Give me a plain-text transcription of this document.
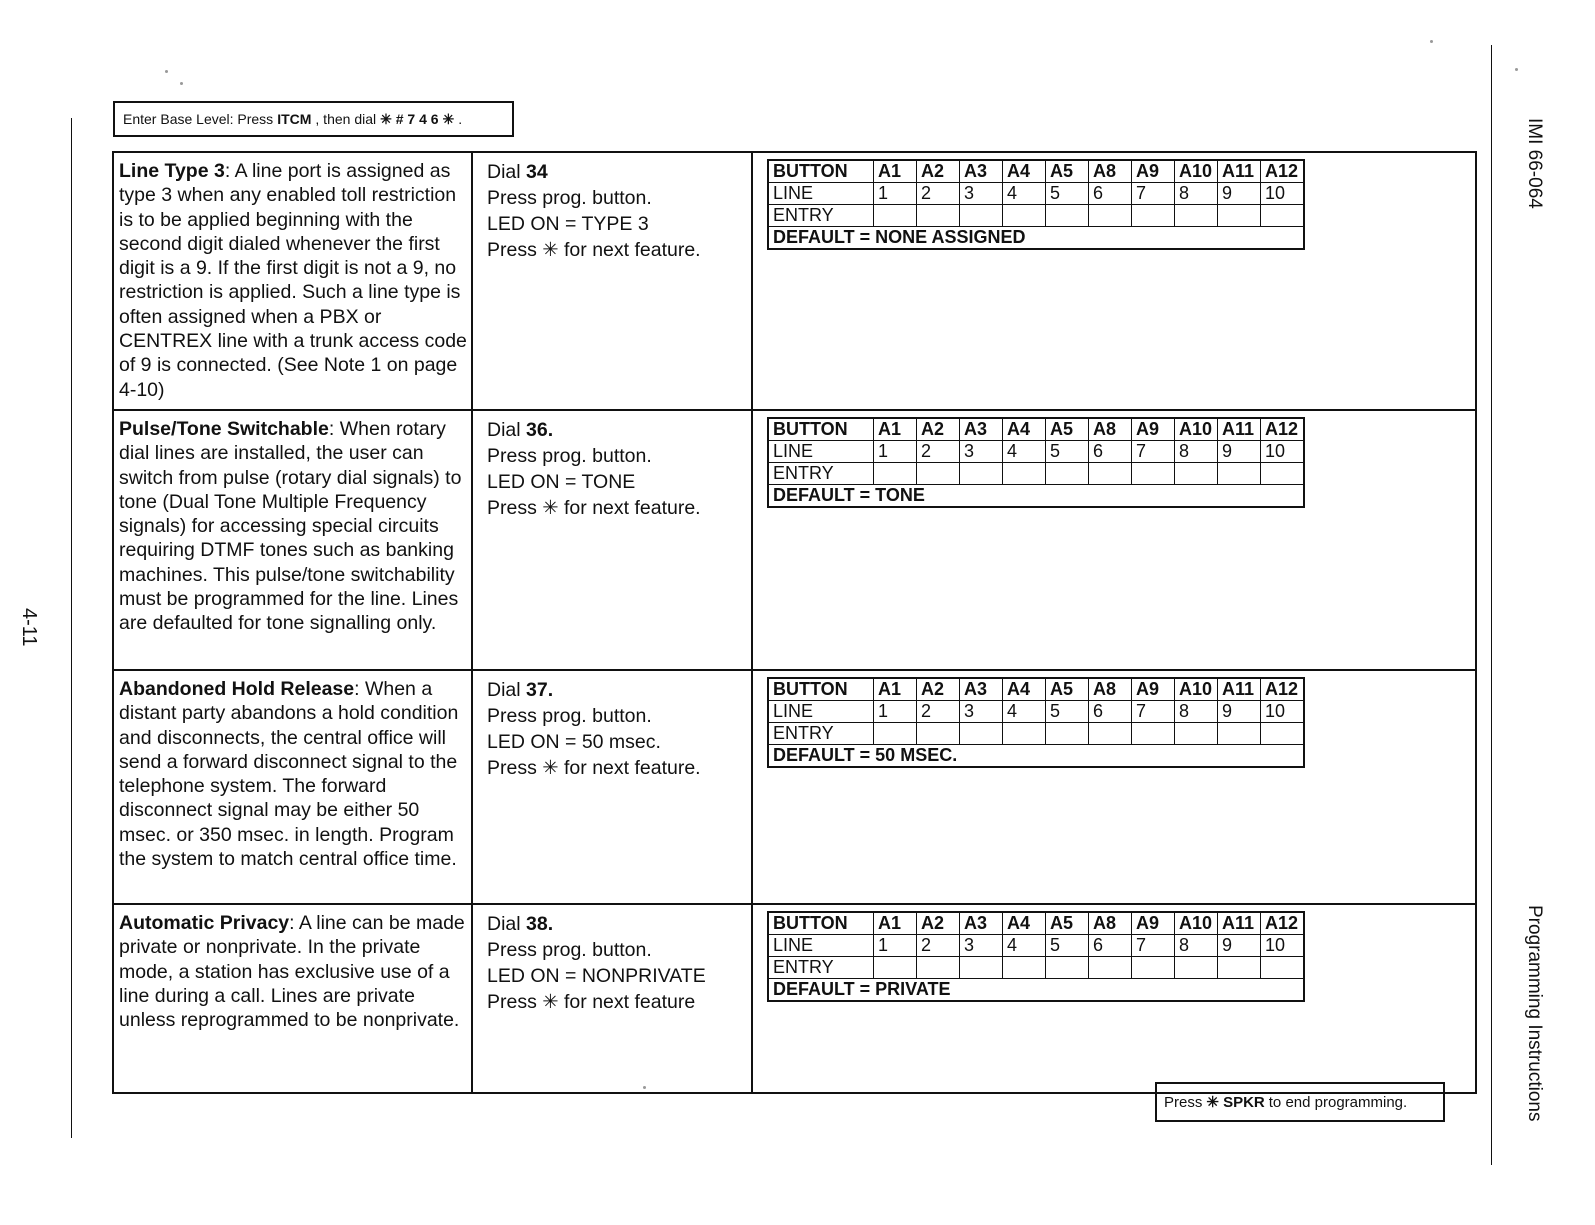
Enter Base Level: Press ITCM , then dial ✳ # 7 4 6 ✳ .
4-11
IMI 66-064
Programming Instructions
Line Type 3: A line port is assigned as type 3 when any enabled toll restriction is to be applied beginning with the second digit dialed whenever the first digit is a 9. If the first digit is not a 9, no restriction is applied. Such a line type is often assigned when a PBX or CENTREX line with a trunk access code of 9 is connected. (See Note 1 on page 4-10)
Dial 34
Press prog. button.
LED ON = TYPE 3
Press ✳ for next feature.
BUTTON	A1	A2	A3	A4	A5	A8	A9	A10	A11	A12
LINE	1	2	3	4	5	6	7	8	9	10
ENTRY										
DEFAULT = NONE ASSIGNED										
Pulse/Tone Switchable: When rotary dial lines are installed, the user can switch from pulse (rotary dial signals) to tone (Dual Tone Multiple Frequency signals) for accessing special circuits requiring DTMF tones such as banking machines. This pulse/tone switchability must be programmed for the line. Lines are defaulted for tone signalling only.
Dial 36.
Press prog. button.
LED ON = TONE
Press ✳ for next feature.
BUTTON	A1	A2	A3	A4	A5	A8	A9	A10	A11	A12
LINE	1	2	3	4	5	6	7	8	9	10
ENTRY										
DEFAULT = TONE										
Abandoned Hold Release: When a distant party abandons a hold condition and disconnects, the central office will send a forward disconnect signal to the telephone system. The forward disconnect signal may be either 50 msec. or 350 msec. in length. Program the system to match central office time.
Dial 37.
Press prog. button.
LED ON = 50 msec.
Press ✳ for next feature.
BUTTON	A1	A2	A3	A4	A5	A8	A9	A10	A11	A12
LINE	1	2	3	4	5	6	7	8	9	10
ENTRY										
DEFAULT = 50 MSEC.										
Automatic Privacy: A line can be made private or nonprivate. In the private mode, a station has exclusive use of a line during a call. Lines are private unless reprogrammed to be nonprivate.
Dial 38.
Press prog. button.
LED ON = NONPRIVATE
Press ✳ for next feature
BUTTON	A1	A2	A3	A4	A5	A8	A9	A10	A11	A12
LINE	1	2	3	4	5	6	7	8	9	10
ENTRY										
DEFAULT = PRIVATE										
Press ✳ SPKR to end programming.
